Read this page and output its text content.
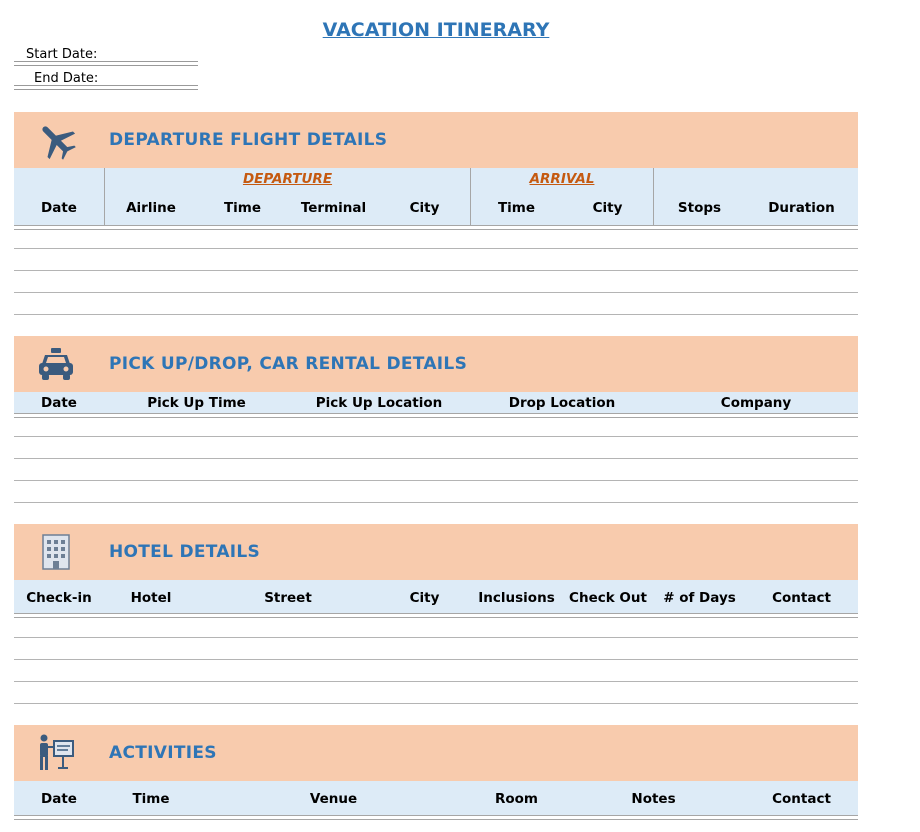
VACATION ITINERARY
Start Date:
End Date:
DEPARTURE FLIGHT DETAILS
DEPARTURE	ARRIVAL
Date	Airline	Time	Terminal	City	Time	City	Stops	Duration
PICK UP/DROP, CAR RENTAL DETAILS
Date	Pick Up Time	Pick Up Location	Drop Location	Company
HOTEL DETAILS
Check-in	Hotel	Street	City	Inclusions	Check Out	# of Days	Contact
ACTIVITIES
Date	Time	Venue	Room	Notes	Contact
